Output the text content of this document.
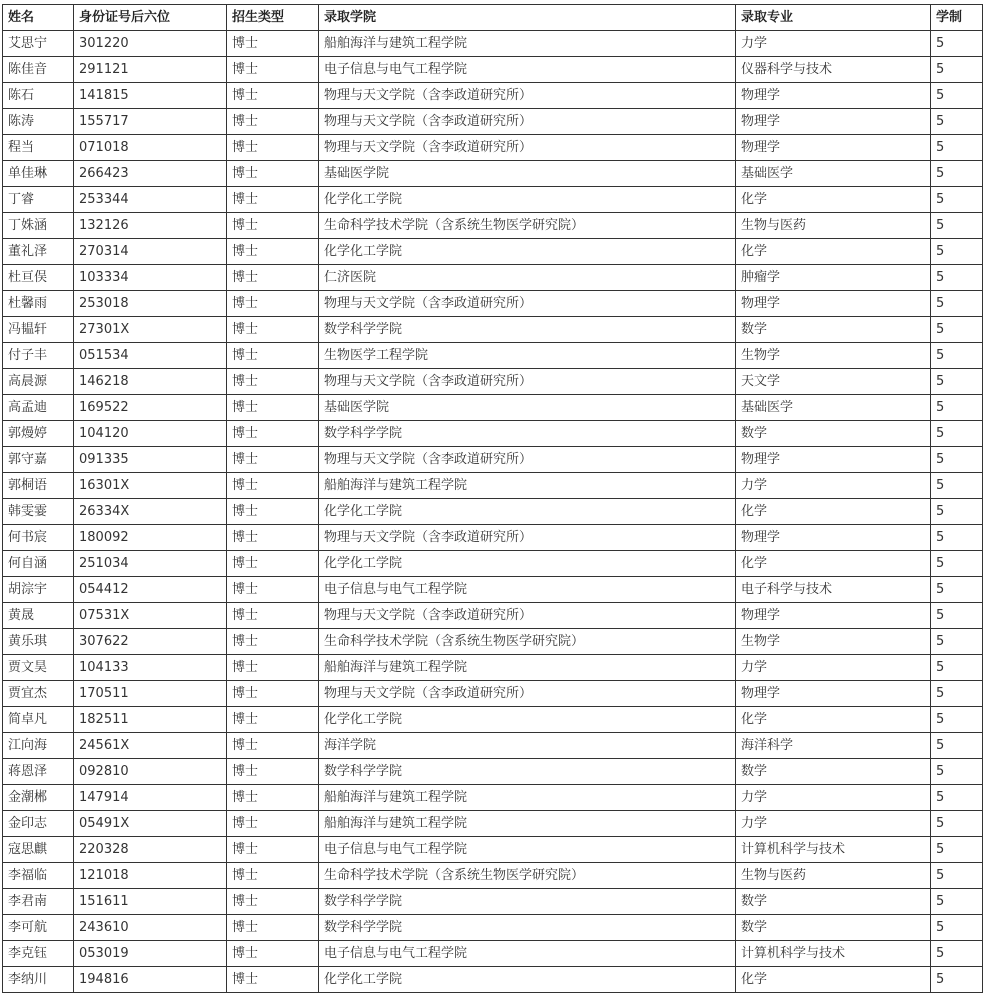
姓名	身份证号后六位	招生类型	录取学院	录取专业	学制
艾思宁	301220	博士	船舶海洋与建筑工程学院	力学	5
陈佳音	291121	博士	电子信息与电气工程学院	仪器科学与技术	5
陈石	141815	博士	物理与天文学院（含李政道研究所）	物理学	5
陈涛	155717	博士	物理与天文学院（含李政道研究所）	物理学	5
程当	071018	博士	物理与天文学院（含李政道研究所）	物理学	5
单佳琳	266423	博士	基础医学院	基础医学	5
丁睿	253344	博士	化学化工学院	化学	5
丁姝涵	132126	博士	生命科学技术学院（含系统生物医学研究院）	生物与医药	5
董礼泽	270314	博士	化学化工学院	化学	5
杜亘俣	103334	博士	仁济医院	肿瘤学	5
杜馨雨	253018	博士	物理与天文学院（含李政道研究所）	物理学	5
冯韫轩	27301X	博士	数学科学学院	数学	5
付子丰	051534	博士	生物医学工程学院	生物学	5
高晨源	146218	博士	物理与天文学院（含李政道研究所）	天文学	5
高孟迪	169522	博士	基础医学院	基础医学	5
郭熳婷	104120	博士	数学科学学院	数学	5
郭守嘉	091335	博士	物理与天文学院（含李政道研究所）	物理学	5
郭桐语	16301X	博士	船舶海洋与建筑工程学院	力学	5
韩雯霎	26334X	博士	化学化工学院	化学	5
何书宸	180092	博士	物理与天文学院（含李政道研究所）	物理学	5
何自涵	251034	博士	化学化工学院	化学	5
胡淙宇	054412	博士	电子信息与电气工程学院	电子科学与技术	5
黄晟	07531X	博士	物理与天文学院（含李政道研究所）	物理学	5
黄乐琪	307622	博士	生命科学技术学院（含系统生物医学研究院）	生物学	5
贾文昊	104133	博士	船舶海洋与建筑工程学院	力学	5
贾宜杰	170511	博士	物理与天文学院（含李政道研究所）	物理学	5
简卓凡	182511	博士	化学化工学院	化学	5
江向海	24561X	博士	海洋学院	海洋科学	5
蒋恩泽	092810	博士	数学科学学院	数学	5
金潮郴	147914	博士	船舶海洋与建筑工程学院	力学	5
金印志	05491X	博士	船舶海洋与建筑工程学院	力学	5
寇思麒	220328	博士	电子信息与电气工程学院	计算机科学与技术	5
李福临	121018	博士	生命科学技术学院（含系统生物医学研究院）	生物与医药	5
李君南	151611	博士	数学科学学院	数学	5
李可航	243610	博士	数学科学学院	数学	5
李克钰	053019	博士	电子信息与电气工程学院	计算机科学与技术	5
李纳川	194816	博士	化学化工学院	化学	5
